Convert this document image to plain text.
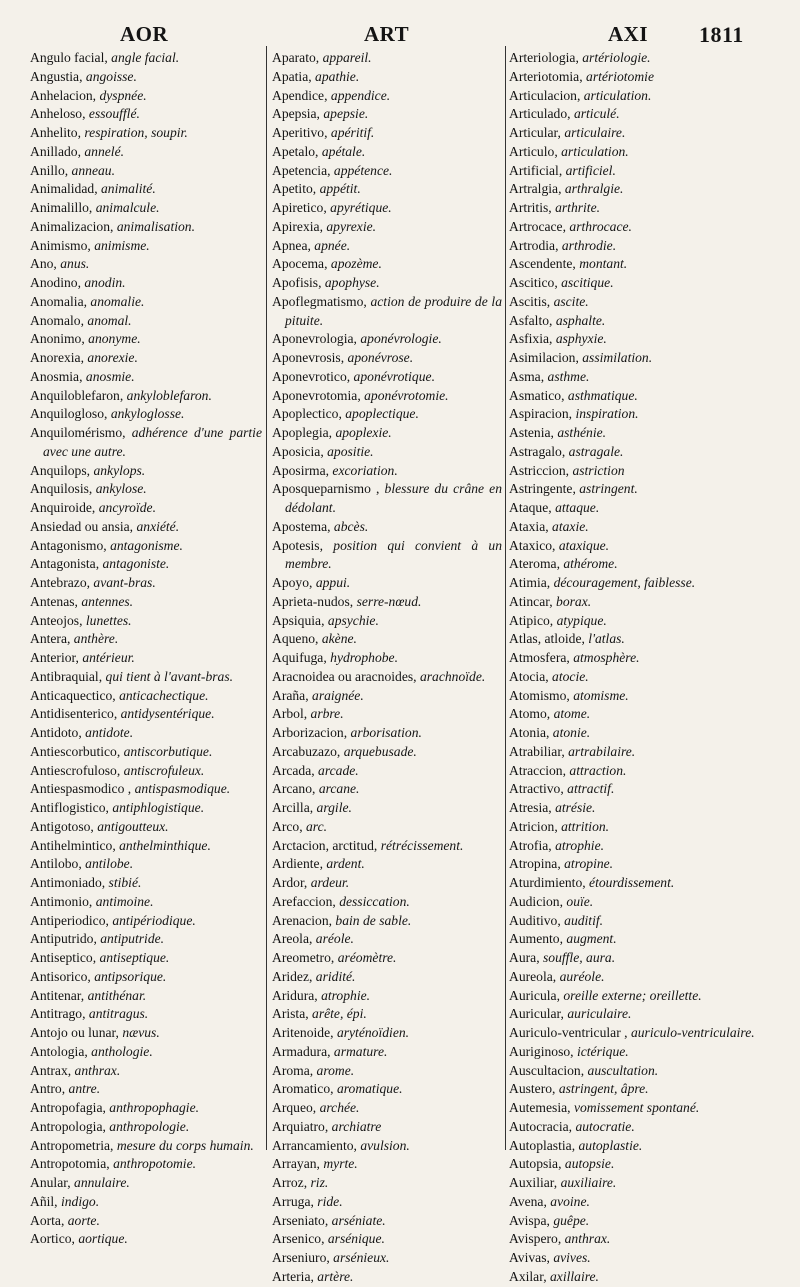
AOR	ART	AXI 1811
Angulo facial, angle facial.
Angustia, angoisse.
Anhelacion, dyspnée.
Anheloso, essoufflé.
Anhelito, respiration, soupir.
Anillado, annelé.
Anillo, anneau.
Animalidad, animalité.
Animalillo, animalcule.
Animalizacion, animalisation.
Animismo, animisme.
Ano, anus.
Anodino, anodin.
Anomalia, anomalie.
Anomalo, anomal.
Anonimo, anonyme.
Anorexia, anorexie.
Anosmia, anosmie.
Anquiloblefaron, ankyloblefaron.
Anquilogloso, ankyloglosse.
Anquilomérismo, adhérence d'une partie avec une autre.
Anquilops, ankylops.
Anquilosis, ankylose.
Anquiroide, ancyroïde.
Ansiedad ou ansia, anxiété.
Antagonismo, antagonisme.
Antagonista, antagoniste.
Antebrazo, avant-bras.
Antenas, antennes.
Anteojos, lunettes.
Antera, anthère.
Anterior, antérieur.
Antibraquial, qui tient à l'avant-bras.
Anticaquectico, anticachectique.
Antidisenterico, antidysentérique.
Antidoto, antidote.
Antiescorbutico, antiscorbutique.
Antiescrofuloso, antiscrofuleux.
Antiespasmodico , antispasmodique.
Antiflogistico, antiphlogistique.
Antigotoso, antigoutteux.
Antihelmintico, anthelminthique.
Antilobo, antilobe.
Antimoniado, stibié.
Antimonio, antimoine.
Antiperiodico, antipériodique.
Antiputrido, antiputride.
Antiseptico, antiseptique.
Antisorico, antipsorique.
Antitenar, antithénar.
Antitrago, antitragus.
Antojo ou lunar, nævus.
Antologia, anthologie.
Antrax, anthrax.
Antro, antre.
Antropofagia, anthropophagie.
Antropologia, anthropologie.
Antropometria, mesure du corps humain.
Antropotomia, anthropotomie.
Anular, annulaire.
Añil, indigo.
Aorta, aorte.
Aortico, aortique.
Aparato, appareil.
Apatia, apathie.
Apendice, appendice.
Apepsia, apepsie.
Aperitivo, apéritif.
Apetalo, apétale.
Apetencia, appétence.
Apetito, appétit.
Apiretico, apyrétique.
Apirexia, apyrexie.
Apnea, apnée.
Apocema, apozème.
Apofisis, apophyse.
Apoflegmatismo, action de produire de la pituite.
Aponevrologia, aponévrologie.
Aponevrosis, aponévrose.
Aponevrotico, aponévrotique.
Aponevrotomia, aponévrotomie.
Apoplectico, apoplectique.
Apoplegia, apoplexie.
Aposicia, apositie.
Aposirma, excoriation.
Aposqueparnismo , blessure du crâne en dédolant.
Apostema, abcès.
Apotesis, position qui convient à un membre.
Apoyo, appui.
Aprieta-nudos, serre-nœud.
Apsiquia, apsychie.
Aqueno, akène.
Aquifuga, hydrophobe.
Aracnoidea ou aracnoides, arachnoïde.
Araña, araignée.
Arbol, arbre.
Arborizacion, arborisation.
Arcabuzazo, arquebusade.
Arcada, arcade.
Arcano, arcane.
Arcilla, argile.
Arco, arc.
Arctacion, arctitud, rétrécissement.
Ardiente, ardent.
Ardor, ardeur.
Arefaccion, dessiccation.
Arenacion, bain de sable.
Areola, aréole.
Areometro, aréomètre.
Aridez, aridité.
Aridura, atrophie.
Arista, arête, épi.
Aritenoide, aryténoïdien.
Armadura, armature.
Aroma, arome.
Aromatico, aromatique.
Arqueo, archée.
Arquiatro, archiatre
Arrancamiento, avulsion.
Arrayan, myrte.
Arroz, riz.
Arruga, ride.
Arseniato, arséniate.
Arsenico, arsénique.
Arseniuro, arsénieux.
Arteria, artère.
Arteriologia, artériologie.
Arteriotomia, artériotomie
Articulacion, articulation.
Articulado, articulé.
Articular, articulaire.
Articulo, articulation.
Artificial, artificiel.
Artralgia, arthralgie.
Artritis, arthrite.
Artrocace, arthrocace.
Artrodia, arthrodie.
Ascendente, montant.
Ascitico, ascitique.
Ascitis, ascite.
Asfalto, asphalte.
Asfixia, asphyxie.
Asimilacion, assimilation.
Asma, asthme.
Asmatico, asthmatique.
Aspiracion, inspiration.
Astenia, asthénie.
Astragalo, astragale.
Astriccion, astriction
Astringente, astringent.
Ataque, attaque.
Ataxia, ataxie.
Ataxico, ataxique.
Ateroma, athérome.
Atimia, découragement, faiblesse.
Atincar, borax.
Atipico, atypique.
Atlas, atloide, l'atlas.
Atmosfera, atmosphère.
Atocia, atocie.
Atomismo, atomisme.
Atomo, atome.
Atonia, atonie.
Atrabiliar, artrabilaire.
Atraccion, attraction.
Atractivo, attractif.
Atresia, atrésie.
Atricion, attrition.
Atrofia, atrophie.
Atropina, atropine.
Aturdimiento, étourdissement.
Audicion, ouïe.
Auditivo, auditif.
Aumento, augment.
Aura, souffle, aura.
Aureola, auréole.
Auricula, oreille externe; oreillette.
Auricular, auriculaire.
Auriculo-ventricular , auriculo-ventriculaire.
Auriginoso, ictérique.
Auscultacion, auscultation.
Austero, astringent, âpre.
Autemesia, vomissement spontané.
Autocracia, autocratie.
Autoplastia, autoplastie.
Autopsia, autopsie.
Auxiliar, auxiliaire.
Avena, avoine.
Avispa, guêpe.
Avispero, anthrax.
Avivas, avives.
Axilar, axillaire.
